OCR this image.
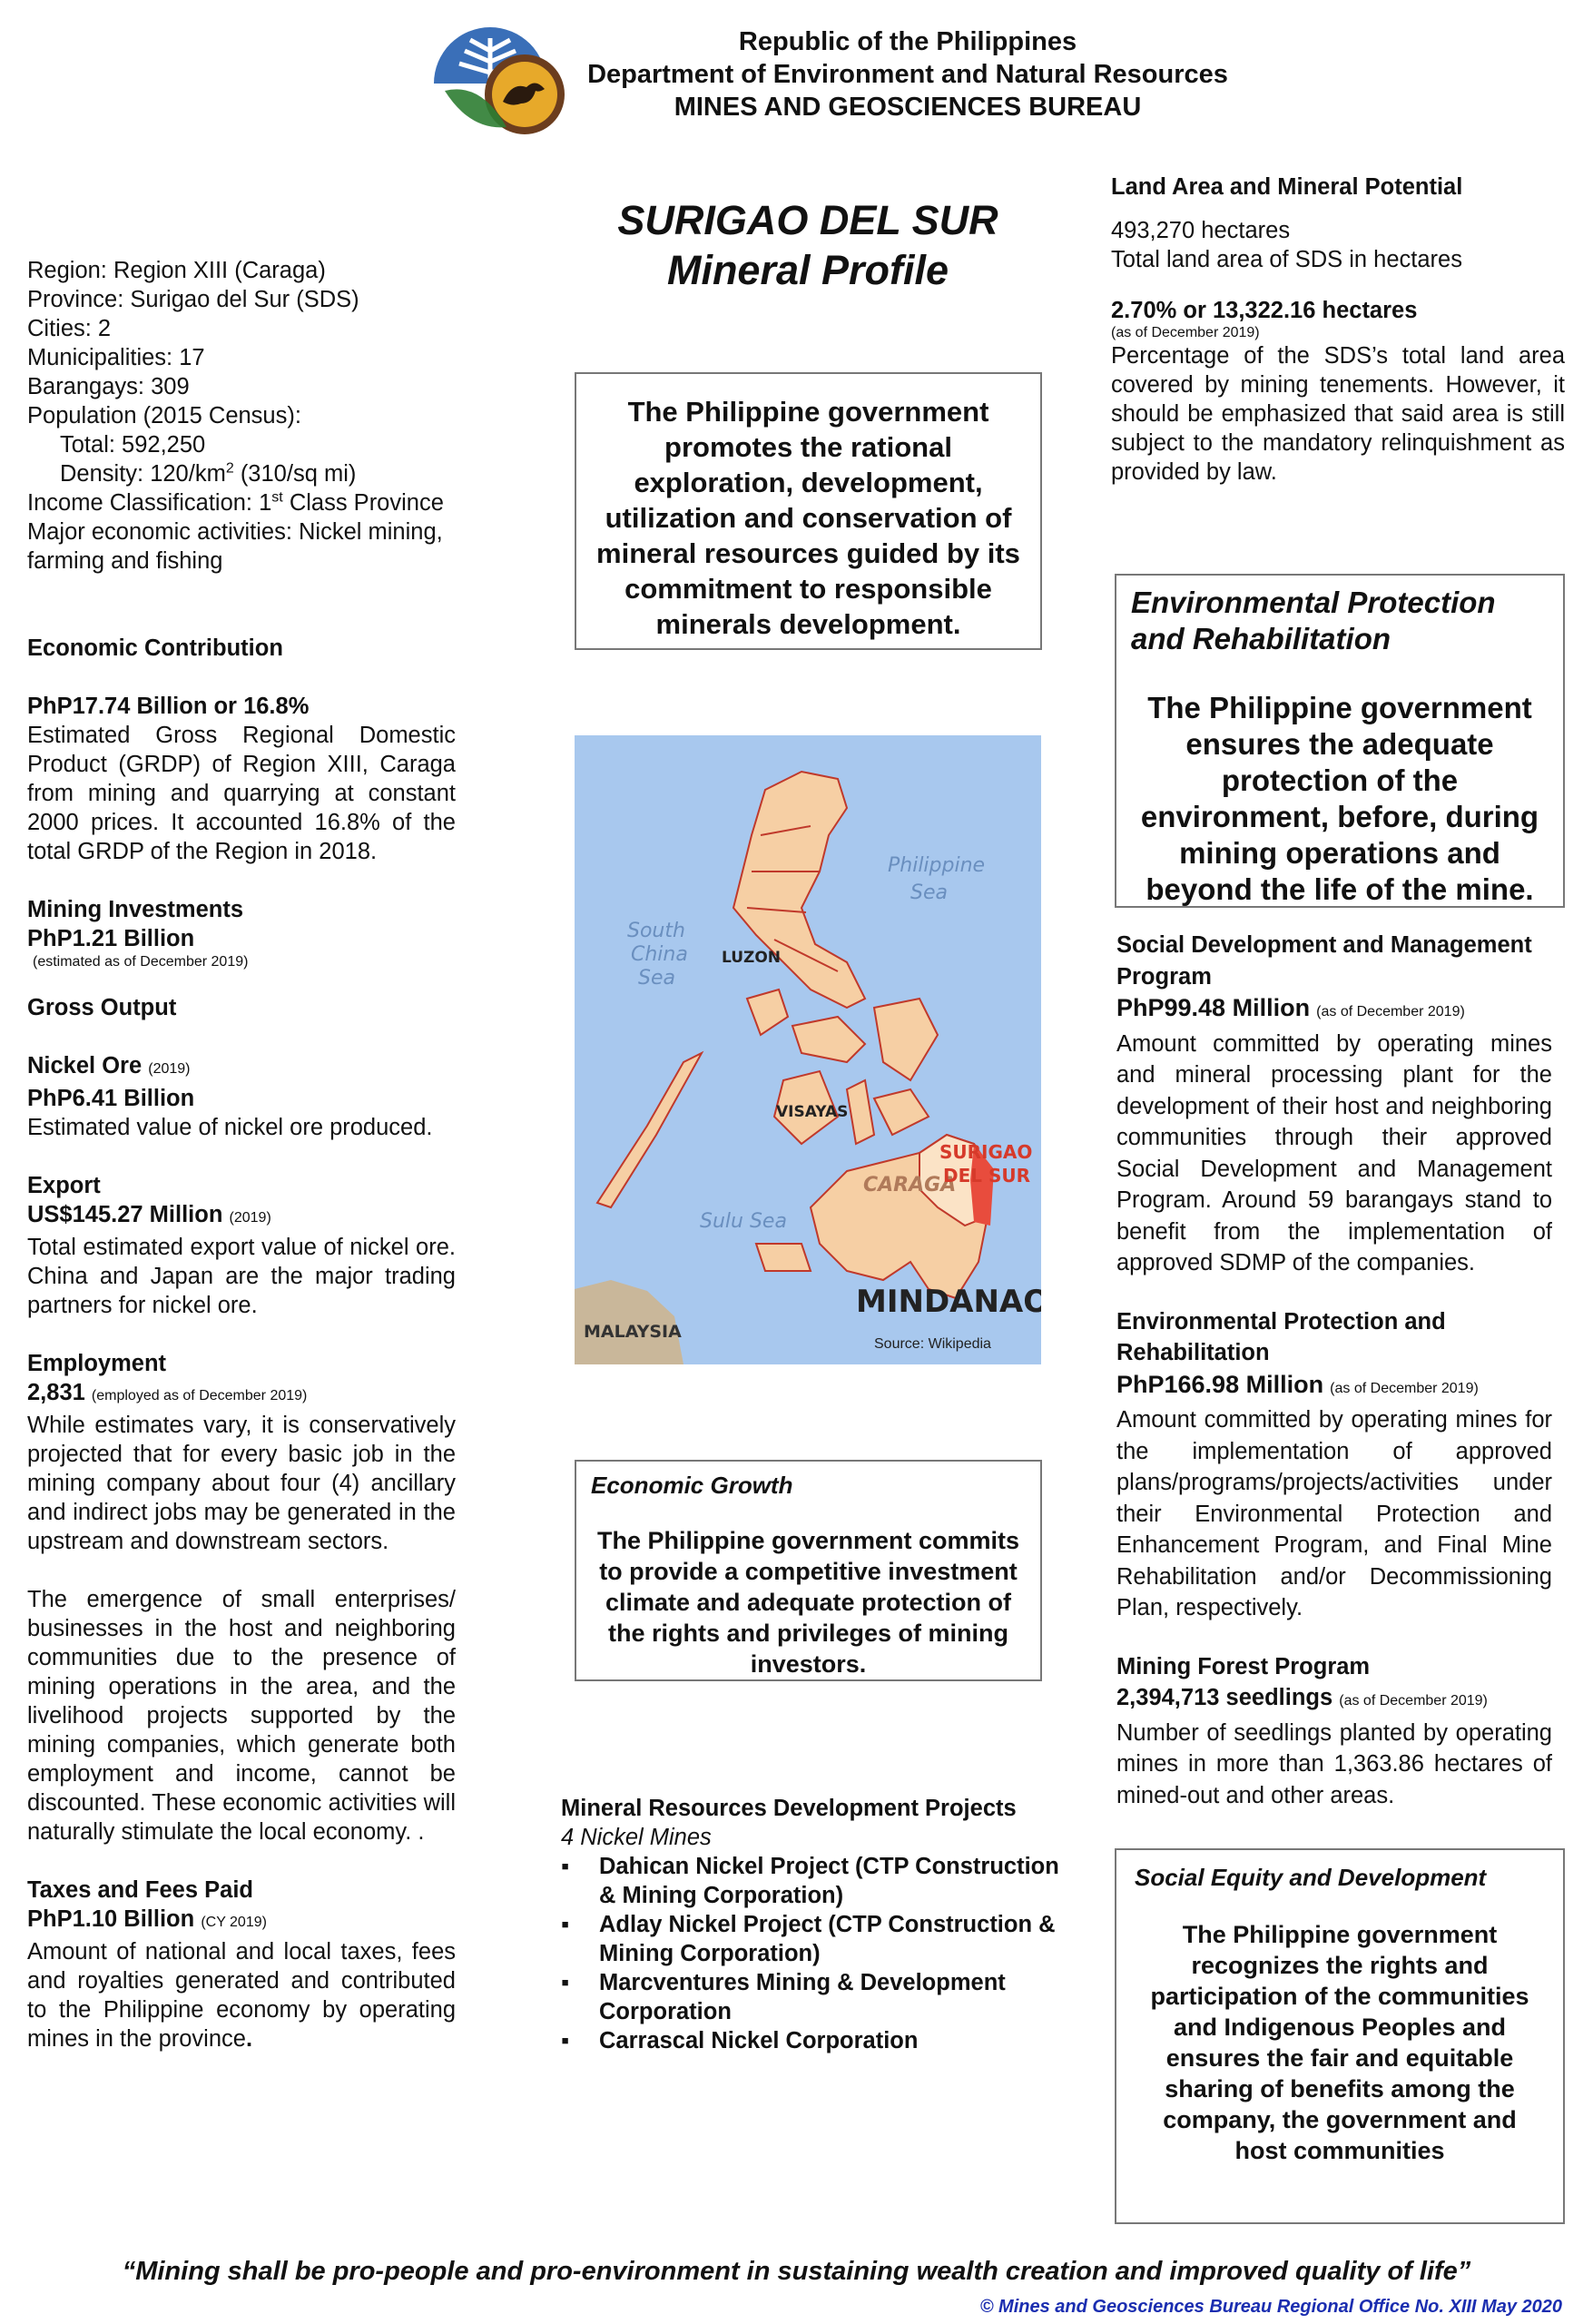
Republic of the Philippines
Department of Environment and Natural Resources
MINES AND GEOSCIENCES BUREAU
SURIGAO DEL SUR
Mineral Profile
Region: Region XIII (Caraga)
Province: Surigao del Sur (SDS)
Cities: 2
Municipalities: 17
Barangays: 309
Population (2015 Census):
Total: 592,250
Density: $120/km^2$ (310/sq mi)
Income Classification: 1st Class Province
Major economic activities: Nickel mining, farming and fishing
Economic Contribution
PhP17.74 Billion or 16.8%
Estimated Gross Regional Domestic Product (GRDP) of Region XIII, Caraga from mining and quarrying at constant 2000 prices. It accounted 16.8% of the total GRDP of the Region in 2018.
Mining Investments
PhP1.21 Billion
(estimated as of December 2019)
Gross Output
Nickel Ore (2019)
PhP6.41 Billion
Estimated value of nickel ore produced.
Export
US$145.27 Million (2019)
Total estimated export value of nickel ore. China and Japan are the major trading partners for nickel ore.
Employment
2,831 (employed as of December 2019)
While estimates vary, it is conservatively projected that for every basic job in the mining company about four (4) ancillary and indirect jobs may be generated in the upstream and downstream sectors.
The emergence of small enterprises/ businesses in the host and neighboring communities due to the presence of mining operations in the area, and the livelihood projects supported by the mining companies, which generate both employment and income, cannot be discounted. These economic activities will naturally stimulate the local economy. .
Taxes and Fees Paid
PhP1.10 Billion (CY 2019)
Amount of national and local taxes, fees and royalties generated and contributed to the Philippine economy by operating mines in the province.
The Philippine government promotes the rational exploration, development, utilization and conservation of mineral resources guided by its commitment to responsible minerals development.
Philippine Sea
South China Sea
Sulu Sea
CARAGA
LUZON
VISAYAS
MINDANAO
MALAYSIA
SURIGAO DEL SUR
Source: Wikipedia
Economic Growth
The Philippine government commits to provide a competitive investment climate and adequate protection of the rights and privileges of mining investors.
Mineral Resources Development Projects
4 Nickel Mines
▪ Dahican Nickel Project (CTP Construction & Mining Corporation)
▪ Adlay Nickel Project (CTP Construction & Mining Corporation)
▪ Marcventures Mining & Development Corporation
▪ Carrascal Nickel Corporation
Land Area and Mineral Potential
493,270 hectares
Total land area of SDS in hectares
2.70% or 13,322.16 hectares
(as of December 2019)
Percentage of the SDS’s total land area covered by mining tenements. However, it should be emphasized that said area is still subject to the mandatory relinquishment as provided by law.
Environmental Protection and Rehabilitation
The Philippine government ensures the adequate protection of the environment, before, during mining operations and beyond the life of the mine.
Social Development and Management Program
PhP99.48 Million (as of December 2019)
Amount committed by operating mines and mineral processing plant for the development of their host and neighboring communities through their approved Social Development and Management Program. Around 59 barangays stand to benefit from the implementation of approved SDMP of the companies.
Environmental Protection and Rehabilitation
PhP166.98 Million (as of December 2019)
Amount committed by operating mines for the implementation of approved plans/programs/projects/activities under their Environmental Protection and Enhancement Program, and Final Mine Rehabilitation and/or Decommissioning Plan, respectively.
Mining Forest Program
2,394,713 seedlings (as of December 2019)
Number of seedlings planted by operating mines in more than 1,363.86 hectares of mined-out and other areas.
Social Equity and Development
The Philippine government recognizes the rights and participation of the communities and Indigenous Peoples and ensures the fair and equitable sharing of benefits among the company, the government and host communities
“Mining shall be pro-people and pro-environment in sustaining wealth creation and improved quality of life”
© Mines and Geosciences Bureau Regional Office No. XIII May 2020
